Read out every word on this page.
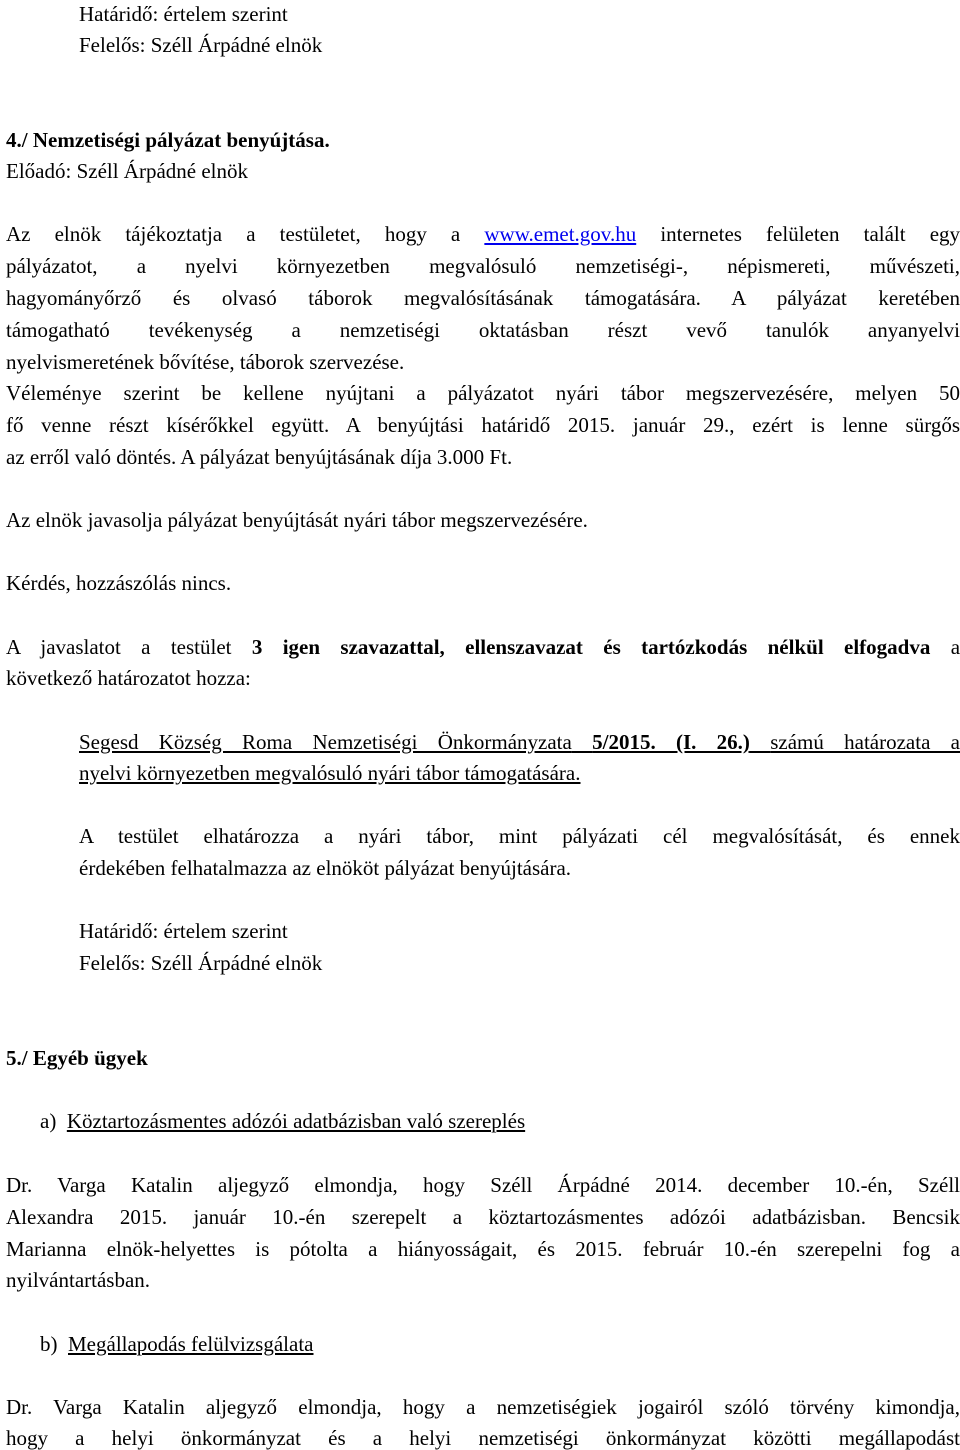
Határidő: értelem szerint
Felelős: Széll Árpádné elnök
4./ Nemzetiségi pályázat benyújtása.
Előadó: Széll Árpádné elnök
Az elnök tájékoztatja a testületet, hogy a www.emet.gov.hu internetes felületen talált egy
pályázatot, a nyelvi környezetben megvalósuló nemzetiségi-, népismereti, művészeti,
hagyományőrző és olvasó táborok megvalósításának támogatására. A pályázat keretében
támogatható tevékenység a nemzetiségi oktatásban részt vevő tanulók anyanyelvi
nyelvismeretének bővítése, táborok szervezése.
Véleménye szerint be kellene nyújtani a pályázatot nyári tábor megszervezésére, melyen 50
fő venne részt kísérőkkel együtt. A benyújtási határidő 2015. január 29., ezért is lenne sürgős
az erről való döntés. A pályázat benyújtásának díja 3.000 Ft.
Az elnök javasolja pályázat benyújtását nyári tábor megszervezésére.
Kérdés, hozzászólás nincs.
A javaslatot a testület 3 igen szavazattal, ellenszavazat és tartózkodás nélkül elfogadva a
következő határozatot hozza:
Segesd Község Roma Nemzetiségi Önkormányzata 5/2015. (I. 26.) számú határozata a
nyelvi környezetben megvalósuló nyári tábor támogatására.
A testület elhatározza a nyári tábor, mint pályázati cél megvalósítását, és ennek
érdekében felhatalmazza az elnököt pályázat benyújtására.
Határidő: értelem szerint
Felelős: Széll Árpádné elnök
5./ Egyéb ügyek
a) Köztartozásmentes adózói adatbázisban való szereplés
Dr. Varga Katalin aljegyző elmondja, hogy Széll Árpádné 2014. december 10.-én, Széll
Alexandra 2015. január 10.-én szerepelt a köztartozásmentes adózói adatbázisban. Bencsik
Marianna elnök-helyettes is pótolta a hiányosságait, és 2015. február 10.-én szerepelni fog a
nyilvántartásban.
b) Megállapodás felülvizsgálata
Dr. Varga Katalin aljegyző elmondja, hogy a nemzetiségiek jogairól szóló törvény kimondja,
hogy a helyi önkormányzat és a helyi nemzetiségi önkormányzat közötti megállapodást
